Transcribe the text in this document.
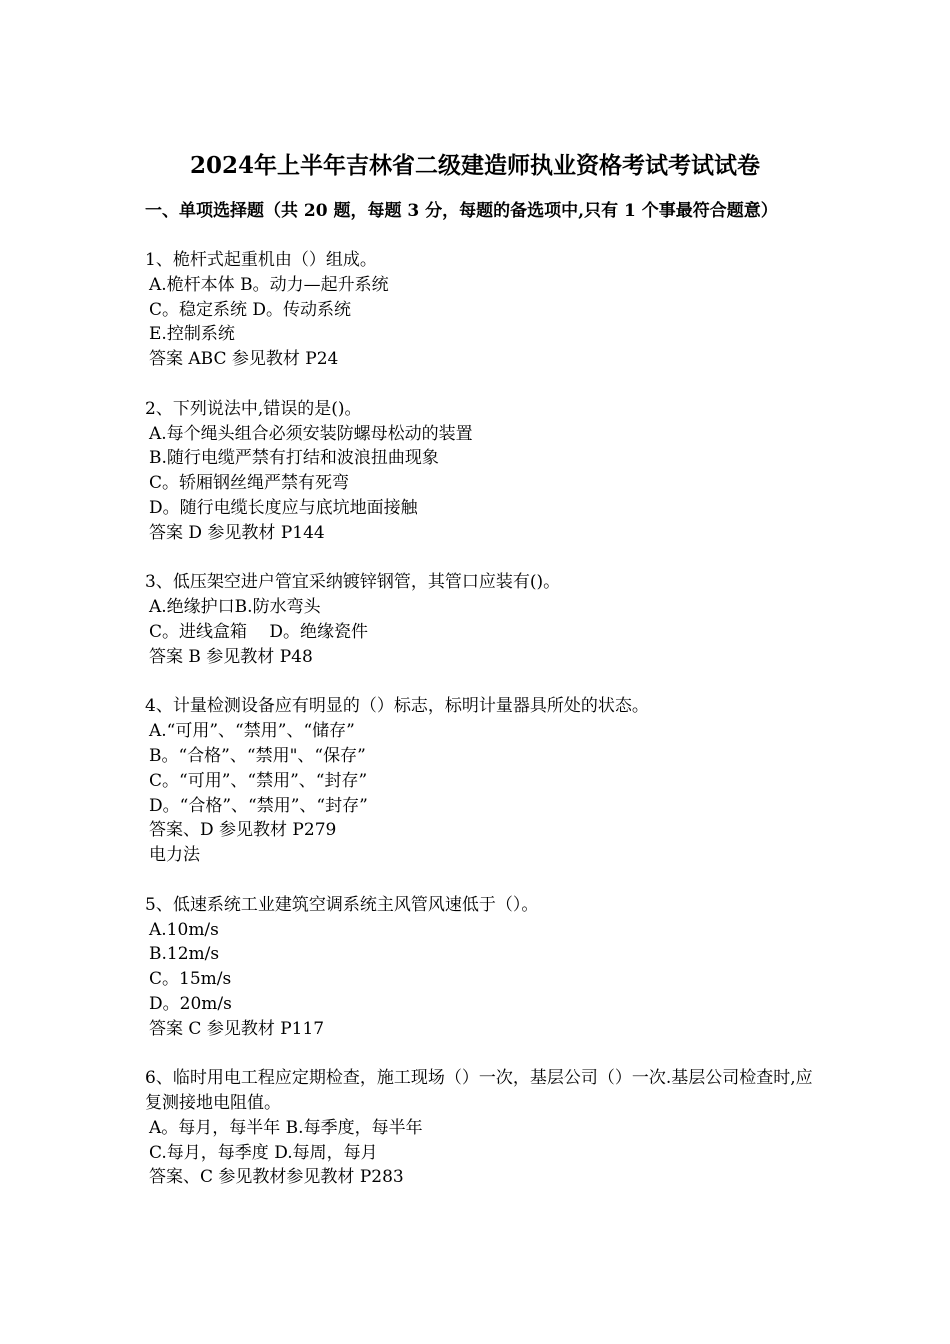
2024年上半年吉林省二级建造师执业资格考试考试试卷
一、单项选择题（共 20 题，每题 3 分，每题的备选项中,只有 1 个事最符合题意）
1、桅杆式起重机由（）组成。
A.桅杆本体 B。动力—起升系统
C。稳定系统 D。传动系统
E.控制系统
答案 ABC 参见教材 P24
2、下列说法中,错误的是()。
A.每个绳头组合必须安装防螺母松动的装置
B.随行电缆严禁有打结和波浪扭曲现象
C。轿厢钢丝绳严禁有死弯
D。随行电缆长度应与底坑地面接触
答案 D 参见教材 P144
3、低压架空进户管宜采纳镀锌钢管，其管口应装有()。
A.绝缘护口B.防水弯头
C。进线盒箱　 D。绝缘瓷件
答案 B 参见教材 P48
4、计量检测设备应有明显的（）标志，标明计量器具所处的状态。
A.“可用”、“禁用”、“储存”
B。“合格”、“禁用"、“保存”
C。“可用”、“禁用”、“封存”
D。“合格”、“禁用”、“封存”
答案、D 参见教材 P279
电力法
5、低速系统工业建筑空调系统主风管风速低于（）。
A.10m/s
B.12m/s
C。15m/s
D。20m/s
答案 C 参见教材 P117
6、临时用电工程应定期检查，施工现场（）一次，基层公司（）一次.基层公司检查时,应复测接地电阻值。
A。每月，每半年 B.每季度，每半年
C.每月，每季度 D.每周，每月
答案、C 参见教材参见教材 P283
